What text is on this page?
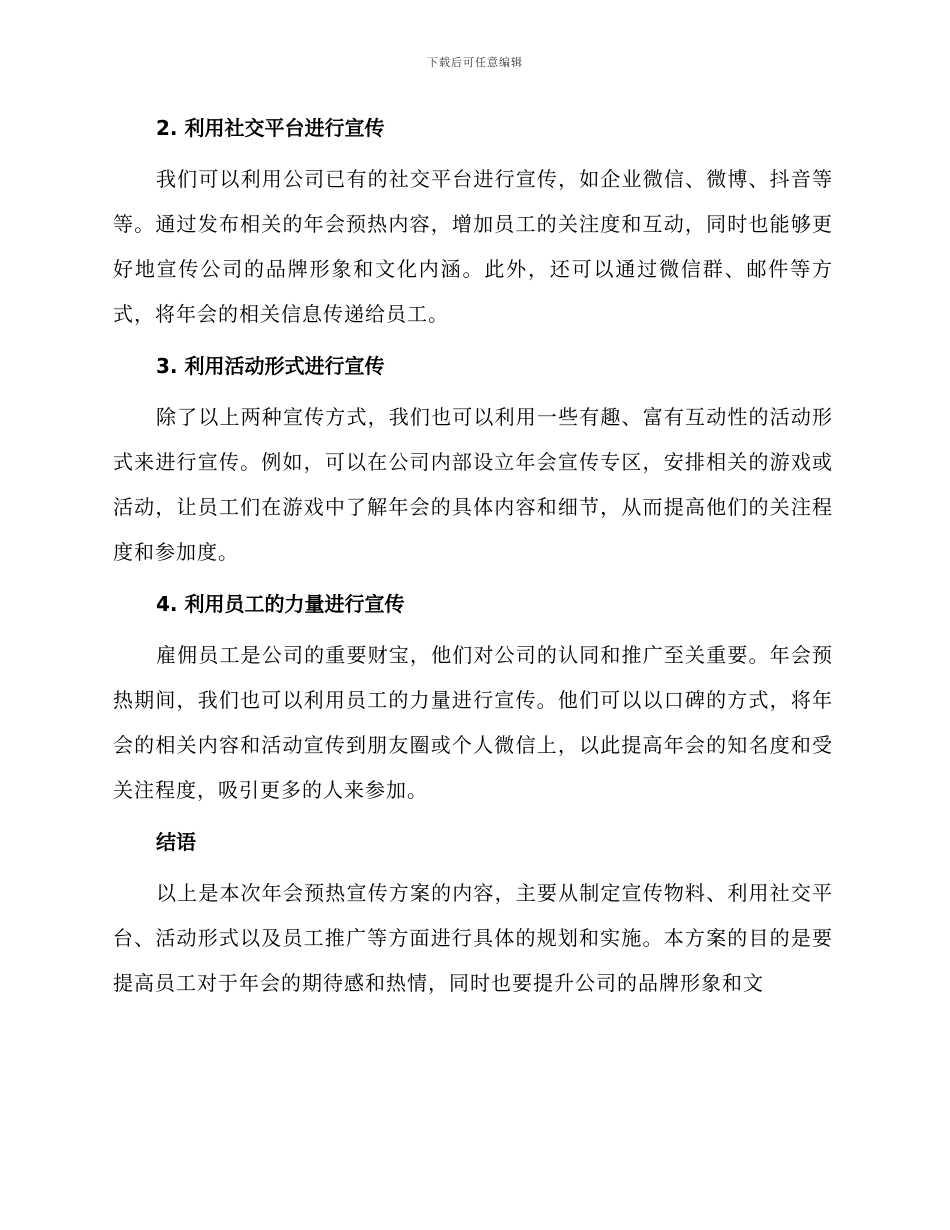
下载后可任意编辑
2. 利用社交平台进行宣传

我们可以利用公司已有的社交平台进行宣传，如企业微信、微博、抖音等等。通过发布相关的年会预热内容，增加员工的关注度和互动，同时也能够更好地宣传公司的品牌形象和文化内涵。此外，还可以通过微信群、邮件等方式，将年会的相关信息传递给员工。

3. 利用活动形式进行宣传

除了以上两种宣传方式，我们也可以利用一些有趣、富有互动性的活动形式来进行宣传。例如，可以在公司内部设立年会宣传专区，安排相关的游戏或活动，让员工们在游戏中了解年会的具体内容和细节，从而提高他们的关注程度和参加度。

4. 利用员工的力量进行宣传

雇佣员工是公司的重要财宝，他们对公司的认同和推广至关重要。年会预热期间，我们也可以利用员工的力量进行宣传。他们可以以口碑的方式，将年会的相关内容和活动宣传到朋友圈或个人微信上，以此提高年会的知名度和受关注程度，吸引更多的人来参加。

结语

以上是本次年会预热宣传方案的内容，主要从制定宣传物料、利用社交平台、活动形式以及员工推广等方面进行具体的规划和实施。本方案的目的是要提高员工对于年会的期待感和热情，同时也要提升公司的品牌形象和文
